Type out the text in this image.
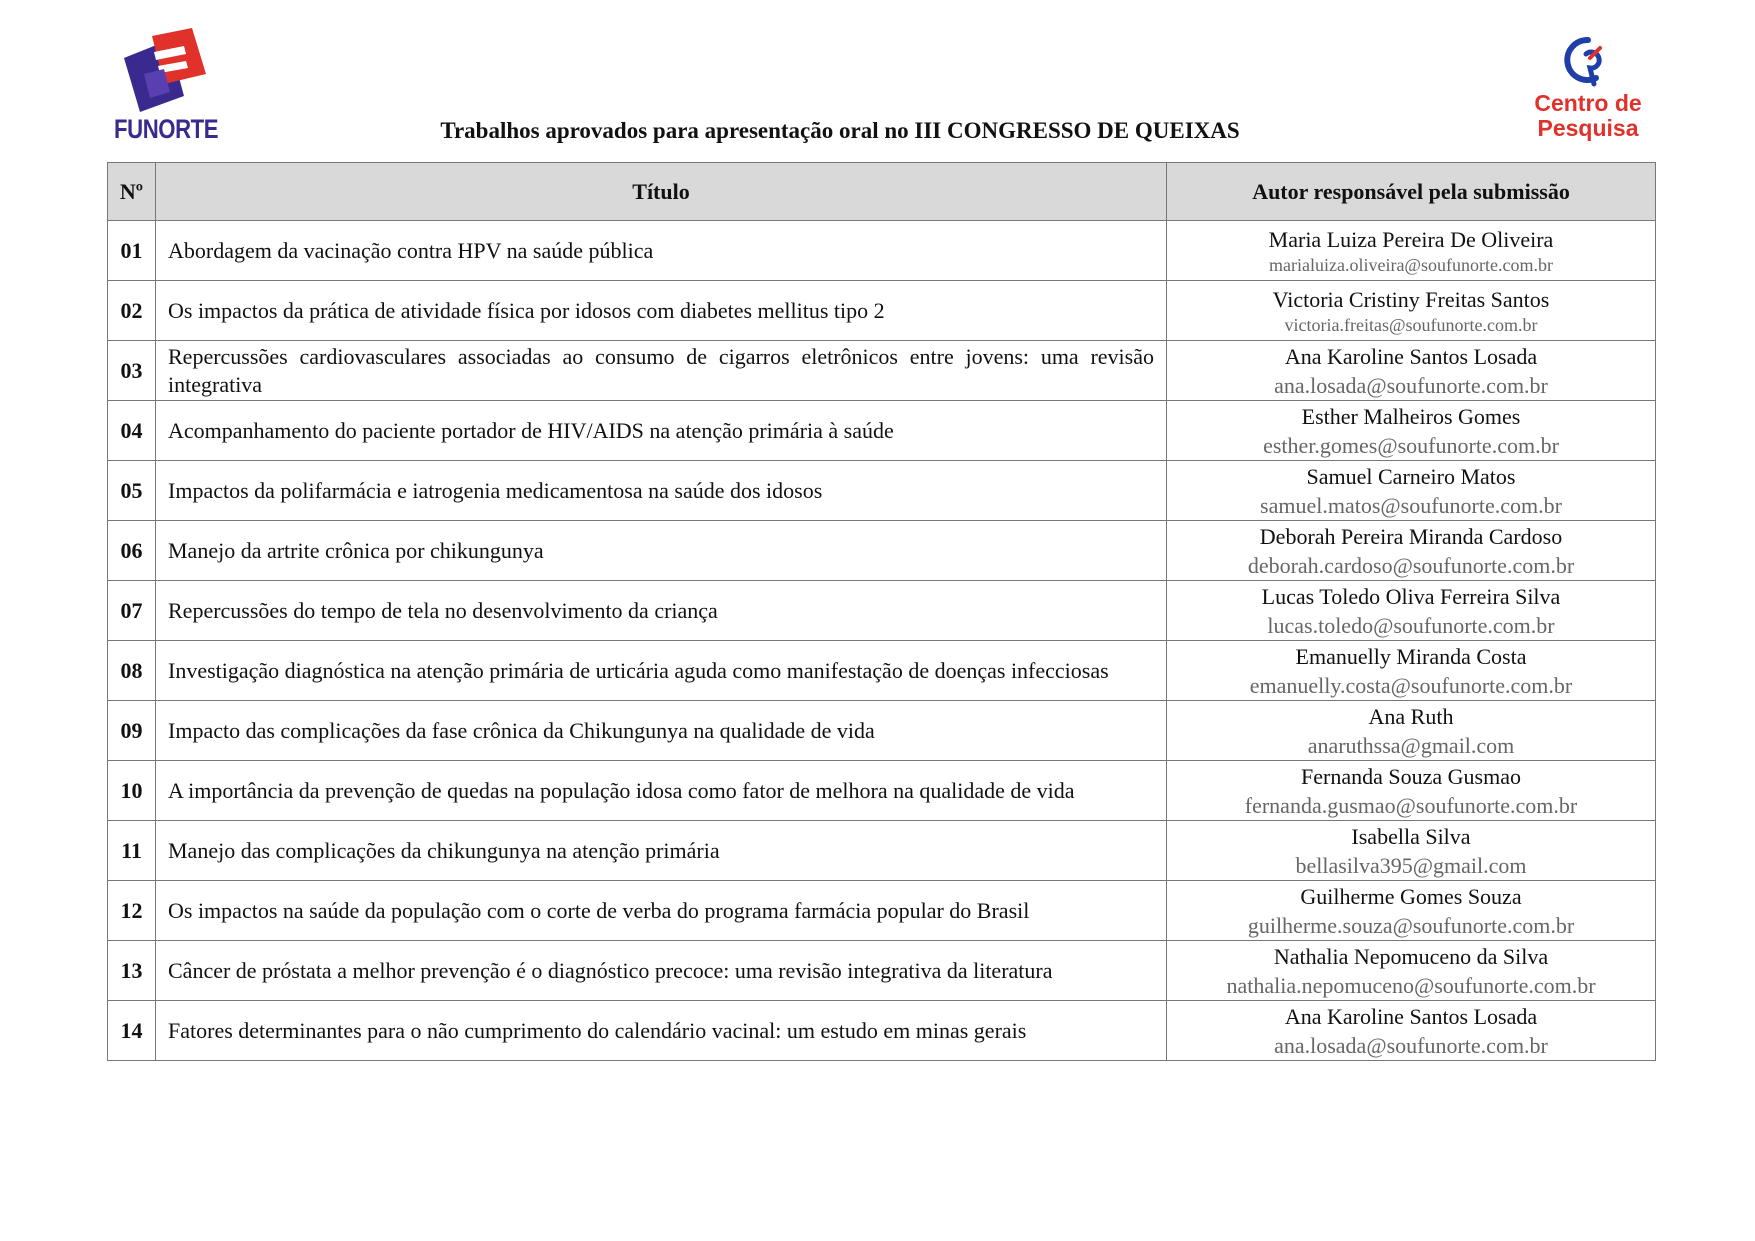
FUNORTE
Centro de
Pesquisa
Trabalhos aprovados para apresentação oral no III CONGRESSO DE QUEIXAS
Nº	Título	Autor responsável pela submissão
01	Abordagem da vacinação contra HPV na saúde pública	Maria Luiza Pereira De Oliveira
marialuiza.oliveira@soufunorte.com.br

02	Os impactos da prática de atividade física por idosos com diabetes mellitus tipo 2	Victoria Cristiny Freitas Santos
victoria.freitas@soufunorte.com.br

03	Repercussões cardiovasculares associadas ao consumo de cigarros eletrônicos entre jovens: uma revisão integrativa	Ana Karoline Santos Losada
ana.losada@soufunorte.com.br

04	Acompanhamento do paciente portador de HIV/AIDS na atenção primária à saúde	Esther Malheiros Gomes
esther.gomes@soufunorte.com.br

05	Impactos da polifarmácia e iatrogenia medicamentosa na saúde dos idosos	Samuel Carneiro Matos
samuel.matos@soufunorte.com.br

06	Manejo da artrite crônica por chikungunya	Deborah Pereira Miranda Cardoso
deborah.cardoso@soufunorte.com.br

07	Repercussões do tempo de tela no desenvolvimento da criança	Lucas Toledo Oliva Ferreira Silva
lucas.toledo@soufunorte.com.br

08	Investigação diagnóstica na atenção primária de urticária aguda como manifestação de doenças infecciosas	Emanuelly Miranda Costa
emanuelly.costa@soufunorte.com.br

09	Impacto das complicações da fase crônica da Chikungunya na qualidade de vida	Ana Ruth
anaruthssa@gmail.com

10	A importância da prevenção de quedas na população idosa como fator de melhora na qualidade de vida	Fernanda Souza Gusmao
fernanda.gusmao@soufunorte.com.br

11	Manejo das complicações da chikungunya na atenção primária	Isabella Silva
bellasilva395@gmail.com

12	Os impactos na saúde da população com o corte de verba do programa farmácia popular do Brasil	Guilherme Gomes Souza
guilherme.souza@soufunorte.com.br

13	Câncer de próstata a melhor prevenção é o diagnóstico precoce: uma revisão integrativa da literatura	Nathalia Nepomuceno da Silva
nathalia.nepomuceno@soufunorte.com.br

14	Fatores determinantes para o não cumprimento do calendário vacinal: um estudo em minas gerais	Ana Karoline Santos Losada
ana.losada@soufunorte.com.br
